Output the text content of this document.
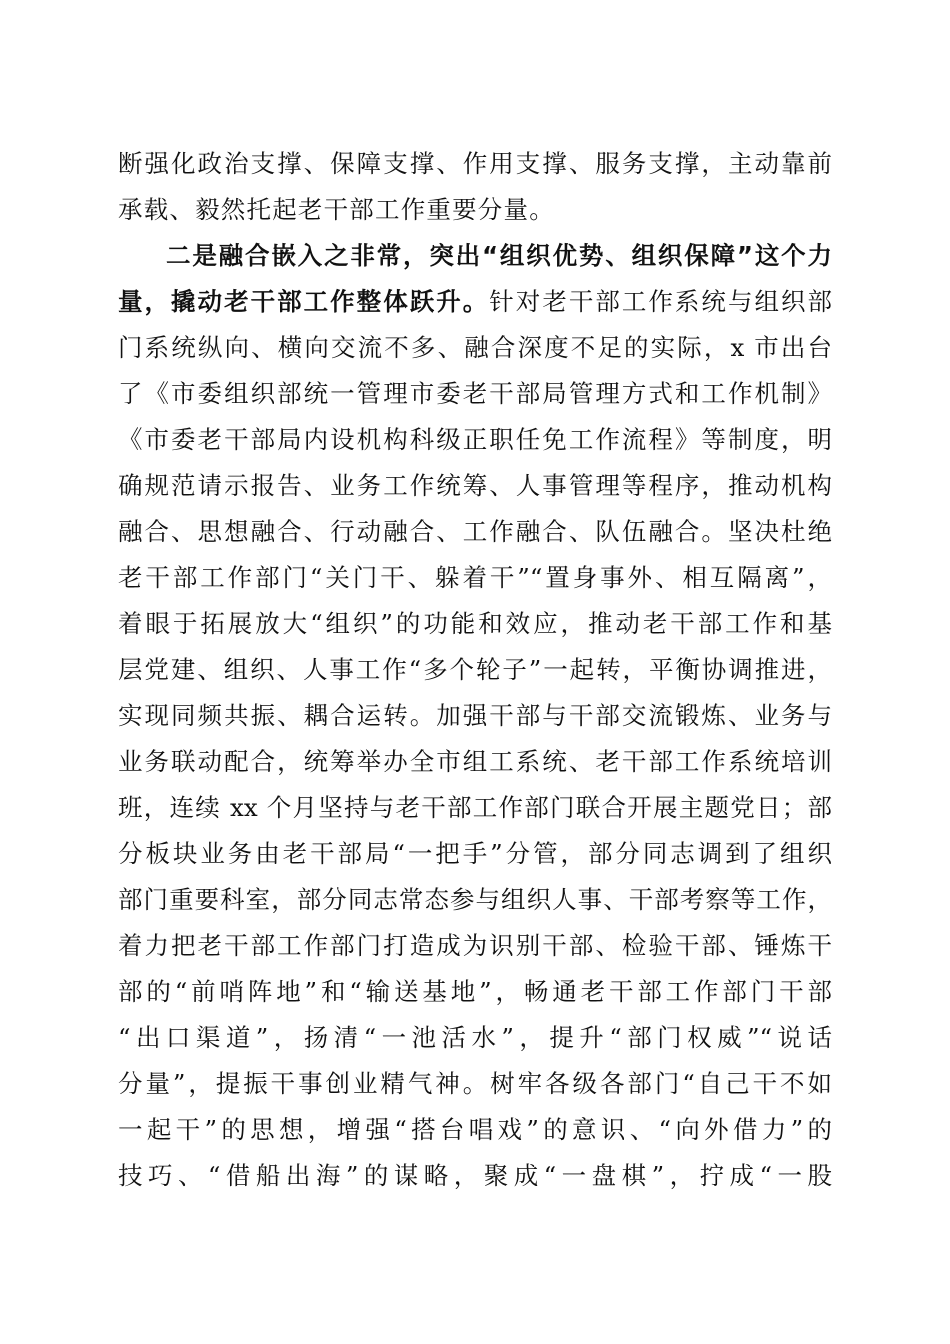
断强化政治支撑、保障支撑、作用支撑、服务支撑，主动靠前
承载、毅然托起老干部工作重要分量。
二是融合嵌入之非常，突出“组织优势、组织保障”这个力
量，撬动老干部工作整体跃升。针对老干部工作系统与组织部
门系统纵向、横向交流不多、融合深度不足的实际，x 市出台
了《市委组织部统一管理市委老干部局管理方式和工作机制》
《市委老干部局内设机构科级正职任免工作流程》等制度，明
确规范请示报告、业务工作统筹、人事管理等程序，推动机构
融合、思想融合、行动融合、工作融合、队伍融合。坚决杜绝
老干部工作部门“关门干、躲着干”“置身事外、相互隔离”，
着眼于拓展放大“组织”的功能和效应，推动老干部工作和基
层党建、组织、人事工作“多个轮子”一起转，平衡协调推进，
实现同频共振、耦合运转。加强干部与干部交流锻炼、业务与
业务联动配合，统筹举办全市组工系统、老干部工作系统培训
班，连续 xx 个月坚持与老干部工作部门联合开展主题党日；部
分板块业务由老干部局“一把手”分管，部分同志调到了组织
部门重要科室，部分同志常态参与组织人事、干部考察等工作，
着力把老干部工作部门打造成为识别干部、检验干部、锤炼干
部的“前哨阵地”和“输送基地”，畅通老干部工作部门干部
“出口渠道”，扬清“一池活水”，提升“部门权威”“说话
分量”，提振干事创业精气神。树牢各级各部门“自己干不如
一起干”的思想，增强“搭台唱戏”的意识、“向外借力”的
技巧、“借船出海”的谋略，聚成“一盘棋”，拧成“一股
